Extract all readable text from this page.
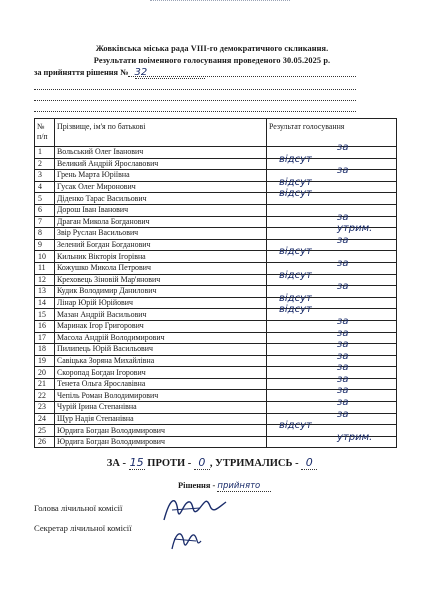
Жовківська міська рада VIII-го демократичного скликання.
Результати поіменного голосування проведеного 30.05.2025 р.
за прийняття рішення № 32
№
п/п	Прізвище, ім'я по батькові	Результат голосування
1	Вольський Олег Іванович	за

2	Великий Андрій Ярославович	відсут

3	Грень Марта Юріївна	за

4	Гусак Олег Миронович	відсут

5	Діденко Тарас Васильович	відсут

6	Дорош Іван Іванович	

7	Драган Микола Богданович	за

8	Звір Руслан Васильович	утрим.

9	Зелений Богдан Богданович	за

10	Кильник Вікторія Ігорівна	відсут

11	Кожушко Микола Петрович	за

12	Креховець Зіновій Мар'янович	відсут

13	Кудик Володимир Данилович	за

14	Лінар Юрій Юрійович	відсут

15	Мазан Андрій Васильович	відсут

16	Маринак Ігор Григорович	за

17	Масола Андрій Володимирович	за

18	Пилипець Юрій Васильович	за

19	Савіцька Зоряна Михайлівна	за

20	Скоропад Богдан Ігорович	за

21	Тенета Ольга Ярославівна	за

22	Чепіль Роман Володимирович	за

23	Чурій Ірина Степанівна	за

24	Щур Надія Степанівна	за

25	Юрдига Богдан Володимирович	відсут

26	Юрдига Богдан Володимирович	утрим.
ЗА - 15 ПРОТИ - 0 , УТРИМАЛИСЬ - 0
Рішення - прийнято
Голова лічильної комісії
Секретар лічильної комісії
